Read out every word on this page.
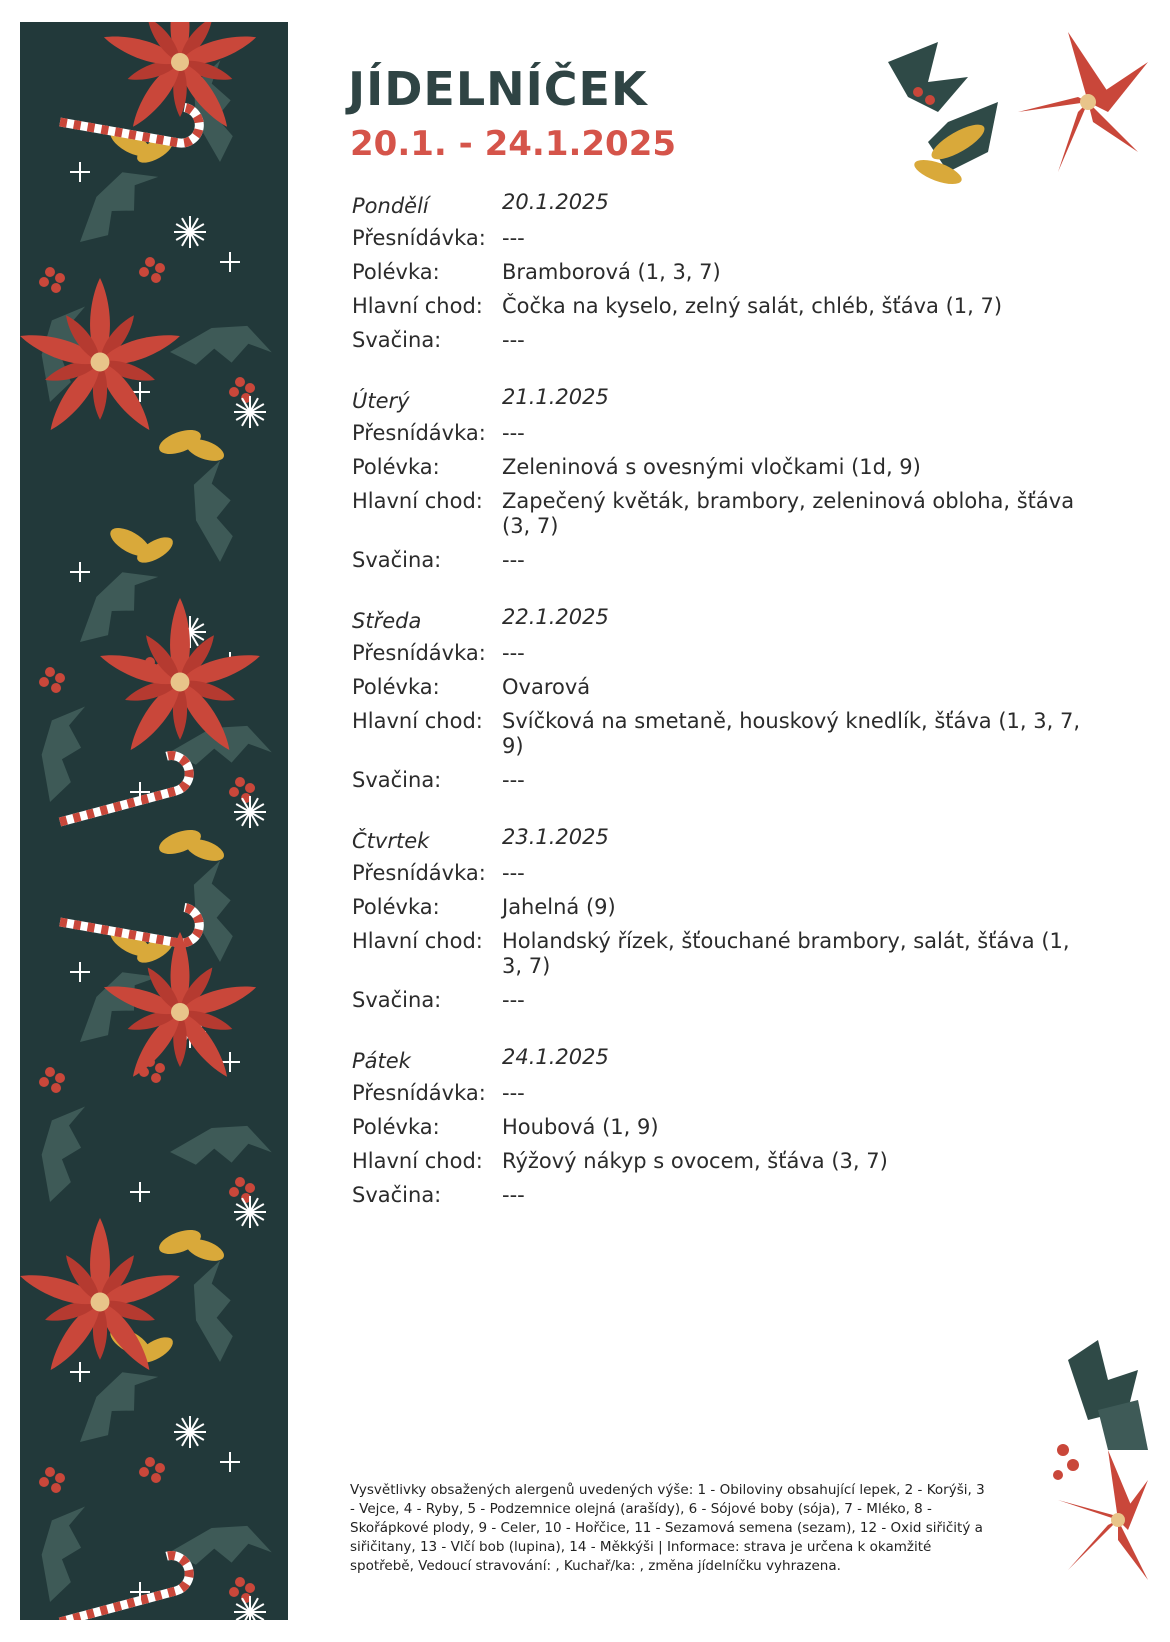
JÍDELNÍČEK
20.1. - 24.1.2025
Pondělí	20.1.2025
Přesnídávka: ---
Polévka:	Bramborová (1, 3, 7)
Hlavní chod: Čočka na kyselo, zelný salát, chléb, šťáva (1, 7)
Svačina:	---
Úterý	21.1.2025
Přesnídávka: ---
Polévka:	Zeleninová s ovesnými vločkami (1d, 9)
Hlavní chod: Zapečený květák, brambory, zeleninová obloha, šťáva (3, 7)
Svačina:	---
Středa	22.1.2025
Přesnídávka: ---
Polévka:	Ovarová
Hlavní chod: Svíčková na smetaně, houskový knedlík, šťáva (1, 3, 7, 9)
Svačina:	---
Čtvrtek	23.1.2025
Přesnídávka: ---
Polévka:	Jahelná (9)
Hlavní chod: Holandský řízek, šťouchané brambory, salát, šťáva (1, 3, 7)
Svačina:	---
Pátek	24.1.2025
Přesnídávka: ---
Polévka:	Houbová (1, 9)
Hlavní chod: Rýžový nákyp s ovocem, šťáva (3, 7)
Svačina:	---
Vysvětlivky obsažených alergenů uvedených výše: 1 - Obiloviny obsahující lepek, 2 - Korýši, 3 - Vejce, 4 - Ryby, 5 - Podzemnice olejná (arašídy), 6 - Sójové boby (sója), 7 - Mléko, 8 - Skořápkové plody, 9 - Celer, 10 - Hořčice, 11 - Sezamová semena (sezam), 12 - Oxid siřičitý a siřičitany, 13 - Vlčí bob (lupina), 14 - Měkkýši | Informace: strava je určena k okamžité spotřebě, Vedoucí stravování: , Kuchař/ka: , změna jídelníčku vyhrazena.
